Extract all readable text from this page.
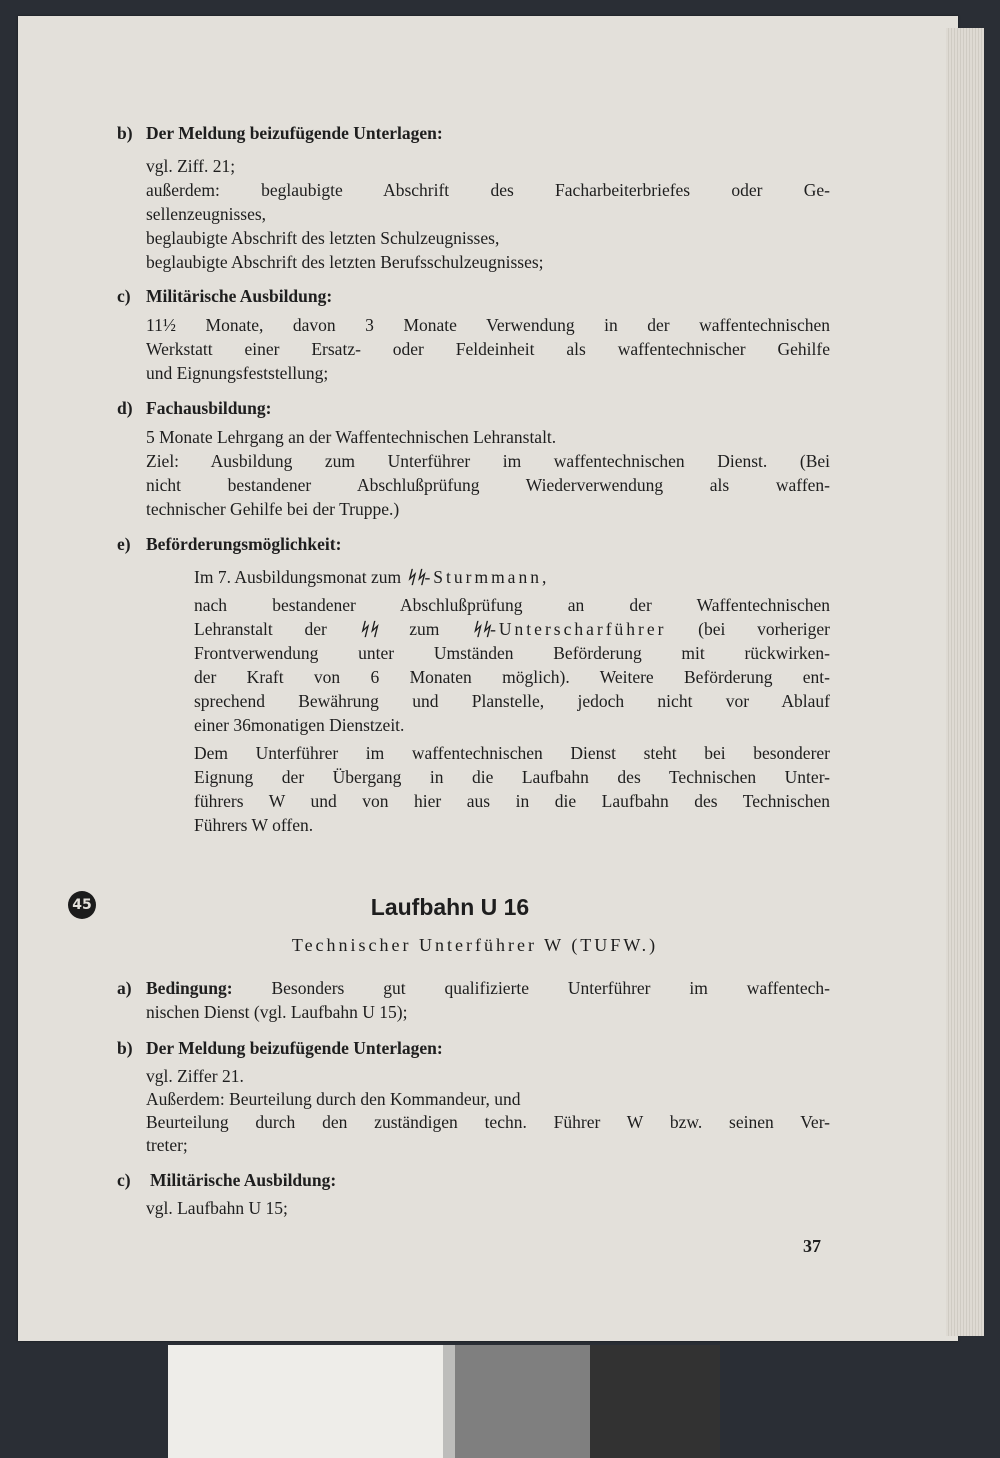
b) Der Meldung beizufügende Unterlagen:
vgl. Ziff. 21;
außerdem: beglaubigte Abschrift des Facharbeiterbriefes oder Ge-
sellenzeugnisses,
beglaubigte Abschrift des letzten Schulzeugnisses,
beglaubigte Abschrift des letzten Berufsschulzeugnisses;
c) Militärische Ausbildung:
11½ Monate, davon 3 Monate Verwendung in der waffentechnischen
Werkstatt einer Ersatz- oder Feldeinheit als waffentechnischer Gehilfe
und Eignungsfeststellung;
d) Fachausbildung:
5 Monate Lehrgang an der Waffentechnischen Lehranstalt.
Ziel: Ausbildung zum Unterführer im waffentechnischen Dienst. (Bei
nicht bestandener Abschlußprüfung Wiederverwendung als waffen-
technischer Gehilfe bei der Truppe.)
e) Beförderungsmöglichkeit:
Im 7. Ausbildungsmonat zum ᛋᛋ-Sturmmann,
nach bestandener Abschlußprüfung an der Waffentechnischen
Lehranstalt der ᛋᛋ zum ᛋᛋ-Unterscharführer (bei vorheriger
Frontverwendung unter Umständen Beförderung mit rückwirken-
der Kraft von 6 Monaten möglich). Weitere Beförderung ent-
sprechend Bewährung und Planstelle, jedoch nicht vor Ablauf
einer 36monatigen Dienstzeit.
Dem Unterführer im waffentechnischen Dienst steht bei besonderer
Eignung der Übergang in die Laufbahn des Technischen Unter-
führers W und von hier aus in die Laufbahn des Technischen
Führers W offen.
45	Laufbahn U 16
Technischer Unterführer W (TUFW.)
a) Bedingung: Besonders gut qualifizierte Unterführer im waffentech-
nischen Dienst (vgl. Laufbahn U 15);
b) Der Meldung beizufügende Unterlagen:
vgl. Ziffer 21.
Außerdem: Beurteilung durch den Kommandeur, und
Beurteilung durch den zuständigen techn. Führer W bzw. seinen Ver-
treter;
c) Militärische Ausbildung:
vgl. Laufbahn U 15;
37
